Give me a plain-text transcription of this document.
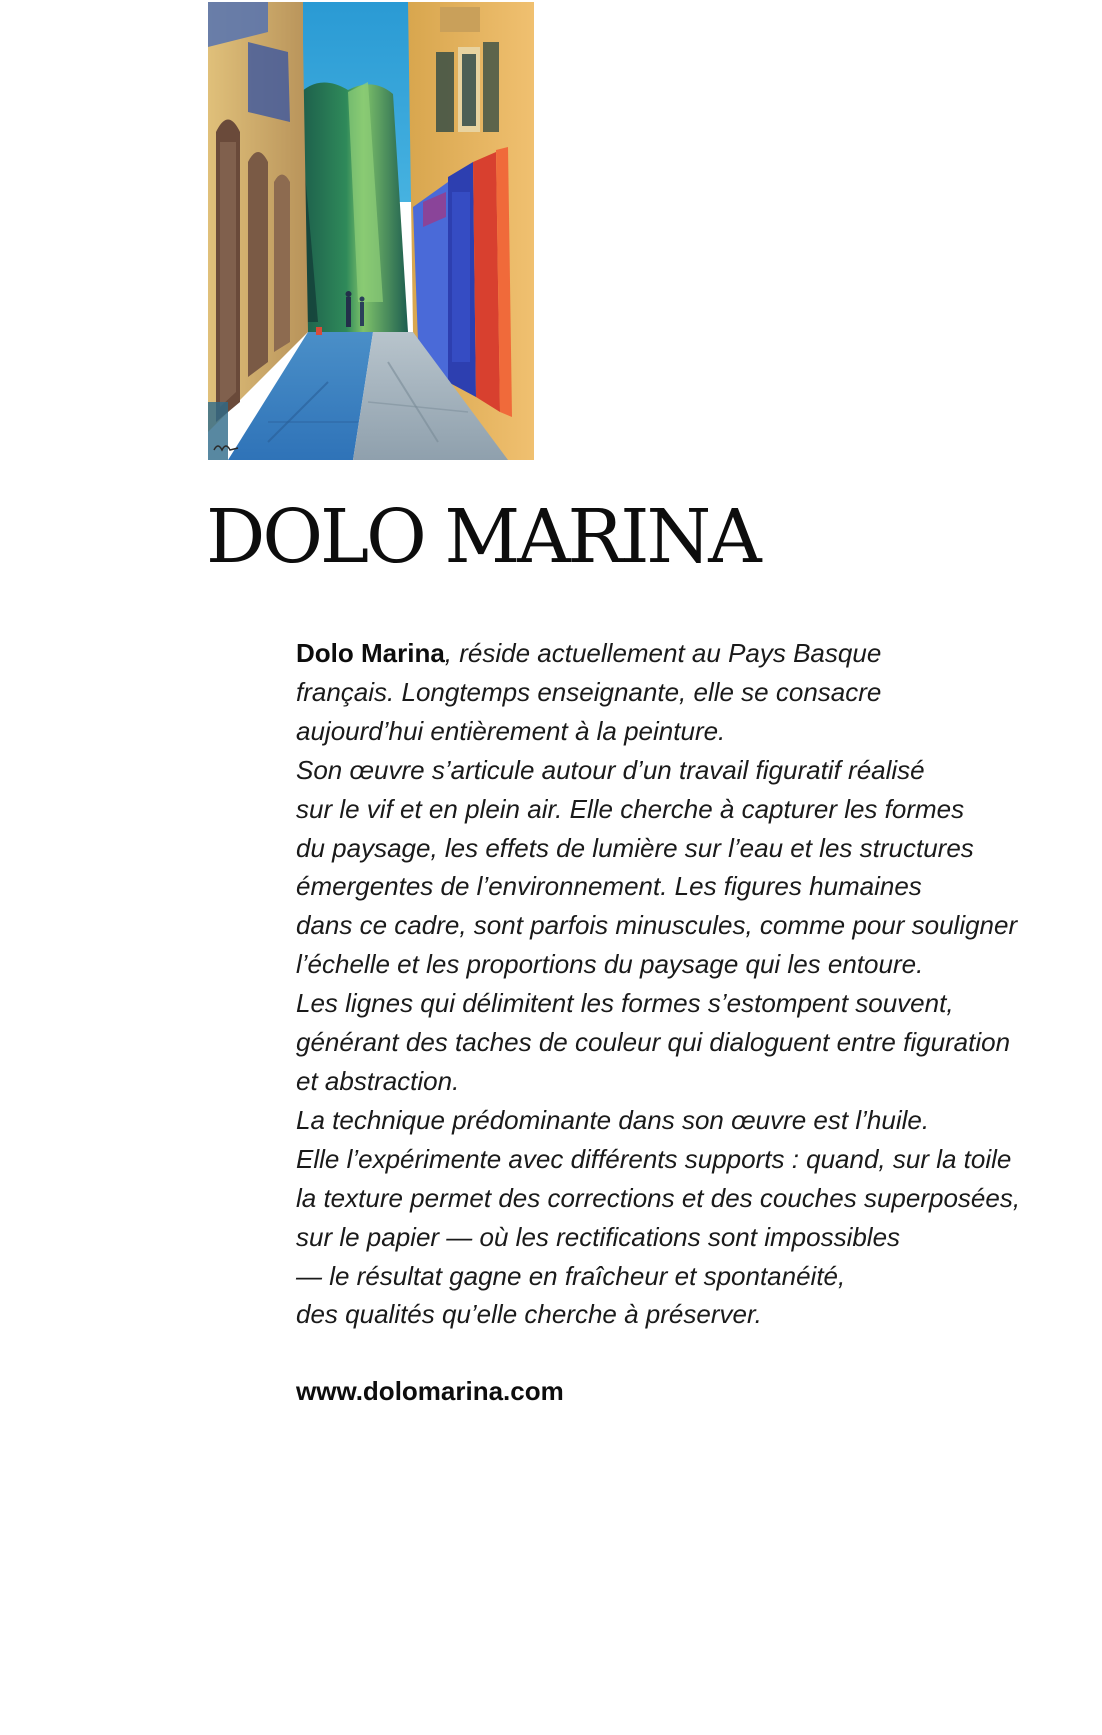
DOLO MARINA
Dolo Marina, réside actuellement au Pays Basque
français. Longtemps enseignante, elle se consacre
aujourd’hui entièrement à la peinture.
Son œuvre s’articule autour d’un travail figuratif réalisé
sur le vif et en plein air. Elle cherche à capturer les formes
du paysage, les effets de lumière sur l’eau et les structures
émergentes de l’environnement. Les figures humaines
dans ce cadre, sont parfois minuscules, comme pour souligner
l’échelle et les proportions du paysage qui les entoure.
Les lignes qui délimitent les formes s’estompent souvent,
générant des taches de couleur qui dialoguent entre figuration
et abstraction.
La technique prédominante dans son œuvre est l’huile.
Elle l’expérimente avec différents supports : quand, sur la toile
la texture permet des corrections et des couches superposées,
sur le papier — où les rectifications sont impossibles
— le résultat gagne en fraîcheur et spontanéité,
des qualités qu’elle cherche à préserver.
www.dolomarina.com
